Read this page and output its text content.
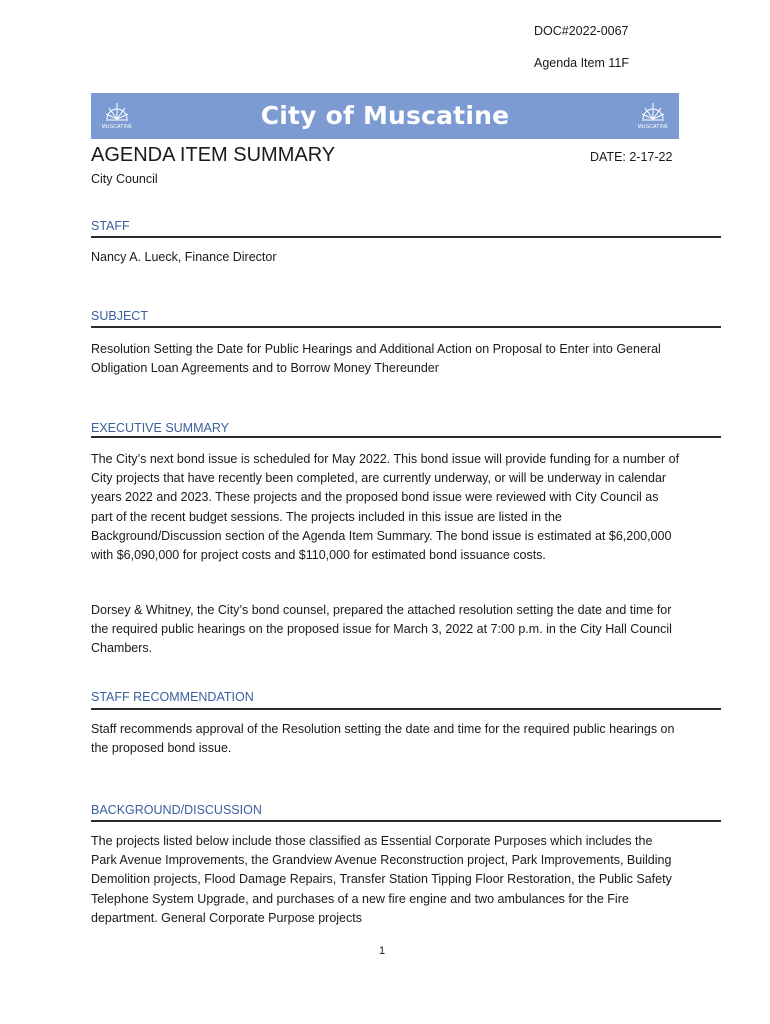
DOC#2022-0067
Agenda Item 11F
MUSCATINE	City of Muscatine	MUSCATINE
AGENDA ITEM SUMMARY	DATE: 2-17-22
City Council
STAFF

Nancy A. Lueck, Finance Director

SUBJECT

Resolution Setting the Date for Public Hearings and Additional Action on Proposal to Enter into General Obligation Loan Agreements and to Borrow Money Thereunder

EXECUTIVE SUMMARY

The City’s next bond issue is scheduled for May 2022. This bond issue will provide funding for a number of City projects that have recently been completed, are currently underway, or will be underway in calendar years 2022 and 2023. These projects and the proposed bond issue were reviewed with City Council as part of the recent budget sessions. The projects included in this issue are listed in the Background/Discussion section of the Agenda Item Summary. The bond issue is estimated at $6,200,000 with $6,090,000 for project costs and $110,000 for estimated bond issuance costs.

Dorsey & Whitney, the City’s bond counsel, prepared the attached resolution setting the date and time for the required public hearings on the proposed issue for March 3, 2022 at 7:00 p.m. in the City Hall Council Chambers.

STAFF RECOMMENDATION

Staff recommends approval of the Resolution setting the date and time for the required public hearings on the proposed bond issue.

BACKGROUND/DISCUSSION

The projects listed below include those classified as Essential Corporate Purposes which includes the Park Avenue Improvements, the Grandview Avenue Reconstruction project, Park Improvements, Building Demolition projects, Flood Damage Repairs, Transfer Station Tipping Floor Restoration, the Public Safety Telephone System Upgrade, and purchases of a new fire engine and two ambulances for the Fire department. General Corporate Purpose projects

1
